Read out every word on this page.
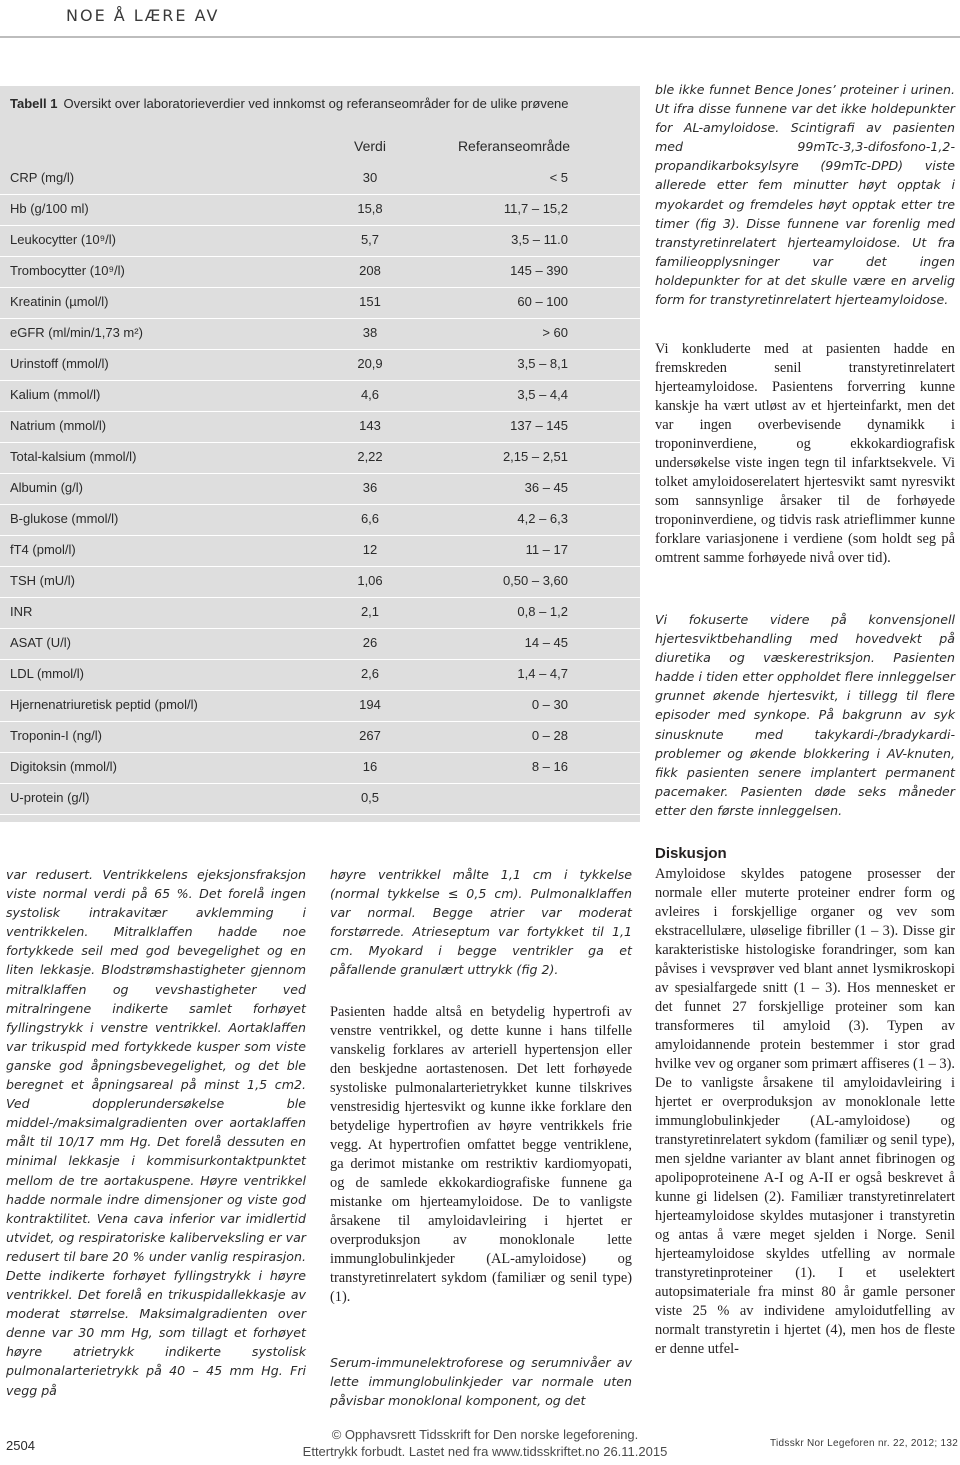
NOE Å LÆRE AV
Tabell 1 Oversikt over laboratorieverdier ved innkomst og referanseområder for de ulike prøvene
Verdi	Referanseområde
CRP (mg/l)	30	< 5
Hb (g/100 ml)	15,8	11,7 – 15,2
Leukocytter (10⁹/l)	5,7	3,5 – 11.0
Trombocytter (10⁹/l)	208	145 – 390
Kreatinin (µmol/l)	151	60 – 100
eGFR (ml/min/1,73 m²)	38	> 60
Urinstoff (mmol/l)	20,9	3,5 – 8,1
Kalium (mmol/l)	4,6	3,5 – 4,4
Natrium (mmol/l)	143	137 – 145
Total-kalsium (mmol/l)	2,22	2,15 – 2,51
Albumin (g/l)	36	36 – 45
B-glukose (mmol/l)	6,6	4,2 – 6,3
fT4 (pmol/l)	12	11 – 17
TSH (mU/l)	1,06	0,50 – 3,60
INR	2,1	0,8 – 1,2
ASAT (U/l)	26	14 – 45
LDL (mmol/l)	2,6	1,4 – 4,7
Hjernenatriuretisk peptid (pmol/l)	194	0 – 30
Troponin-I (ng/l)	267	0 – 28
Digitoksin (mmol/l)	16	8 – 16
U-protein (g/l)	0,5
ble ikke funnet Bence Jones’ proteiner i urinen. Ut ifra disse funnene var det ikke holdepunkter for AL-amyloidose. Scintigrafi av pasienten med 99mTc-3,3-difosfono-1,2-propandikarboksylsyre (99mTc-DPD) viste allerede etter fem minutter høyt opptak i myokardet og fremdeles høyt opptak etter tre timer (fig 3). Disse funnene var forenlig med transtyretinrelatert hjerteamyloidose. Ut fra familieopplysninger var det ingen holdepunkter for at det skulle være en arvelig form for transtyretinrelatert hjerteamyloidose.
Vi konkluderte med at pasienten hadde en fremskreden senil transtyretinrelatert hjerteamyloidose. Pasientens forverring kunne kanskje ha vært utløst av et hjerteinfarkt, men det var ingen overbevisende dynamikk i troponinverdiene, og ekkokardiografisk undersøkelse viste ingen tegn til infarktsekvele. Vi tolket amyloidoserelatert hjertesvikt samt nyresvikt som sannsynlige årsaker til de forhøyede troponinverdiene, og tidvis rask atrieflimmer kunne forklare variasjonene i verdiene (som holdt seg på omtrent samme forhøyede nivå over tid).
Vi fokuserte videre på konvensjonell hjertesviktbehandling med hovedvekt på diuretika og væskerestriksjon. Pasienten hadde i tiden etter oppholdet flere innleggelser grunnet økende hjertesvikt, i tillegg til flere episoder med synkope. På bakgrunn av syk sinusknute med takykardi-/bradykardi-problemer og økende blokkering i AV-knuten, fikk pasienten senere implantert permanent pacemaker. Pasienten døde seks måneder etter den første innleggelsen.
Diskusjon
Amyloidose skyldes patogene prosesser der normale eller muterte proteiner endrer form og avleires i forskjellige organer og vev som ekstracellulære, uløselige fibriller (1 – 3). Disse gir karakteristiske histologiske forandringer, som kan påvises i vevsprøver ved blant annet lysmikroskopi av spesialfargede snitt (1 – 3). Hos mennesket er det funnet 27 forskjellige proteiner som kan transformeres til amyloid (3). Typen av amyloidannende protein bestemmer i stor grad hvilke vev og organer som primært affiseres (1 – 3). De to vanligste årsakene til amyloidavleiring i hjertet er overproduksjon av monoklonale lette immunglobulinkjeder (AL-amyloidose) og transtyretinrelatert sykdom (familiær og senil type), men sjeldne varianter av blant annet fibrinogen og apolipoproteinene A-I og A-II er også beskrevet å kunne gi lidelsen (2). Familiær transtyretinrelatert hjerteamyloidose skyldes mutasjoner i transtyretin og antas å være meget sjelden i Norge. Senil hjerteamyloidose skyldes utfelling av normale transtyretinproteiner (1). I et uselektert autopsimateriale fra minst 80 år gamle personer viste 25 % av individene amyloidutfelling av normalt transtyretin i hjertet (4), men hos de fleste er denne utfel-
var redusert. Ventrikkelens ejeksjonsfraksjon viste normal verdi på 65 %. Det forelå ingen systolisk intrakavitær avklemming i ventrikkelen. Mitralklaffen hadde noe fortykkede seil med god bevegelighet og en liten lekkasje. Blodstrømshastigheter gjennom mitralklaffen og vevshastigheter ved mitralringene indikerte samlet forhøyet fyllingstrykk i venstre ventrikkel. Aortaklaffen var trikuspid med fortykkede kusper som viste ganske god åpningsbevegelighet, og det ble beregnet et åpningsareal på minst 1,5 cm2. Ved dopplerundersøkelse ble middel-/maksimalgradienten over aortaklaffen målt til 10/17 mm Hg. Det forelå dessuten en minimal lekkasje i kommisurkontaktpunktet mellom de tre aortakuspene. Høyre ventrikkel hadde normale indre dimensjoner og viste god kontraktilitet. Vena cava inferior var imidlertid utvidet, og respiratoriske kaliberveksling er var redusert til bare 20 % under vanlig respirasjon. Dette indikerte forhøyet fyllingstrykk i høyre ventrikkel. Det forelå en trikuspidallekkasje av moderat størrelse. Maksimalgradienten over denne var 30 mm Hg, som tillagt et forhøyet høyre atrietrykk indikerte systolisk pulmonalarterietrykk på 40 – 45 mm Hg. Fri vegg på
høyre ventrikkel målte 1,1 cm i tykkelse (normal tykkelse ≤ 0,5 cm). Pulmonalklaffen var normal. Begge atrier var moderat forstørrede. Atrieseptum var fortykket til 1,1 cm. Myokard i begge ventrikler ga et påfallende granulært uttrykk (fig 2).
Pasienten hadde altså en betydelig hypertrofi av venstre ventrikkel, og dette kunne i hans tilfelle vanskelig forklares av arteriell hypertensjon eller den beskjedne aortastenosen. Det lett forhøyede systoliske pulmonalarterietrykket kunne tilskrives venstresidig hjertesvikt og kunne ikke forklare den betydelige hypertrofien av høyre ventrikkels frie vegg. At hypertrofien omfattet begge ventriklene, ga derimot mistanke om restriktiv kardiomyopati, og de samlede ekkokardiografiske funnene ga mistanke om hjerteamyloidose. De to vanligste årsakene til amyloidavleiring i hjertet er overproduksjon av monoklonale lette immunglobulinkjeder (AL-amyloidose) og transtyretinrelatert sykdom (familiær og senil type) (1).
Serum-immunelektroforese og serumnivåer av lette immunglobulinkjeder var normale uten påvisbar monoklonal komponent, og det
2504
© Opphavsrett Tidsskrift for Den norske legeforening.
Ettertrykk forbudt. Lastet ned fra www.tidsskriftet.no 26.11.2015
Tidsskr Nor Legeforen nr. 22, 2012; 132
